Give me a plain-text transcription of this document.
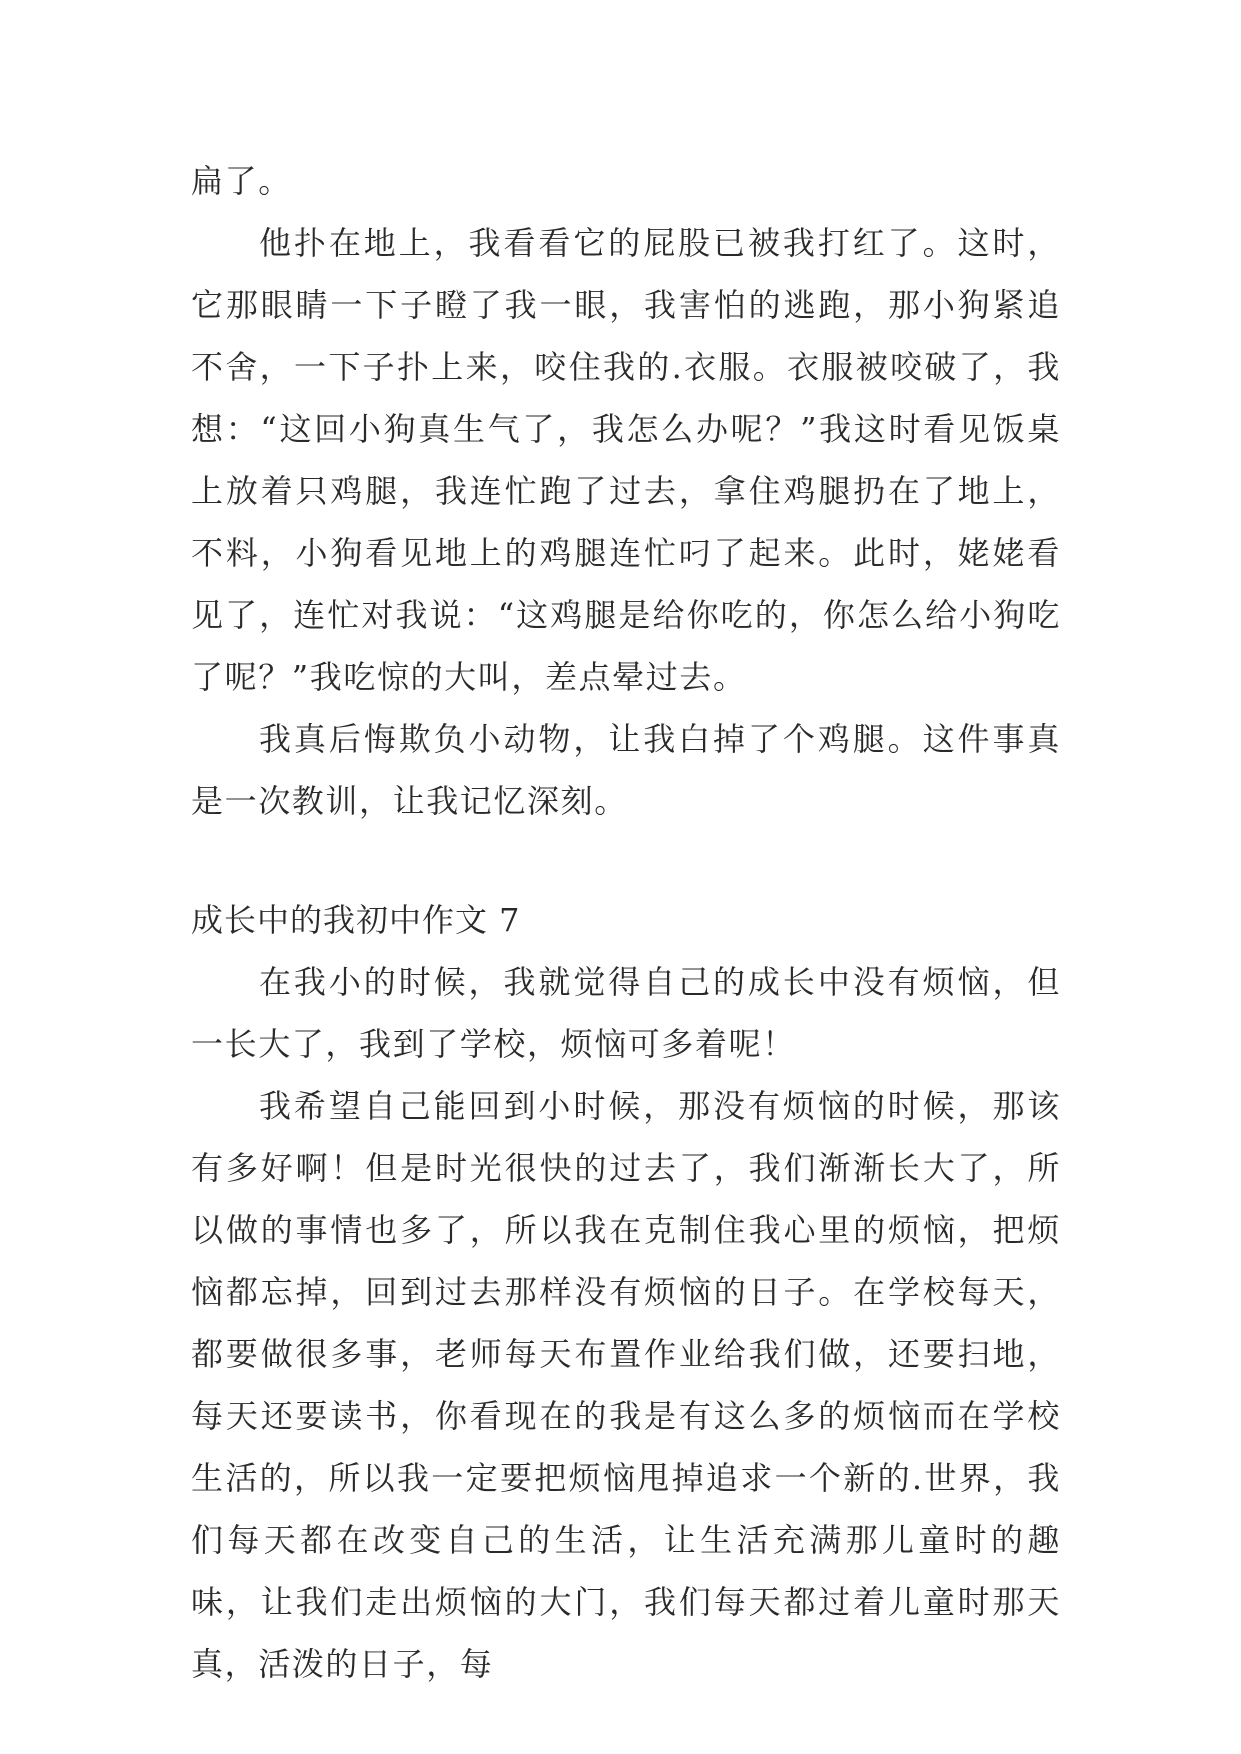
扁了。

他扑在地上，我看看它的屁股已被我打红了。这时，它那眼睛一下子瞪了我一眼，我害怕的逃跑，那小狗紧追不舍，一下子扑上来，咬住我的.衣服。衣服被咬破了，我想：“这回小狗真生气了，我怎么办呢？”我这时看见饭桌上放着只鸡腿，我连忙跑了过去，拿住鸡腿扔在了地上，不料，小狗看见地上的鸡腿连忙叼了起来。此时，姥姥看见了，连忙对我说：“这鸡腿是给你吃的，你怎么给小狗吃了呢？”我吃惊的大叫，差点晕过去。

我真后悔欺负小动物，让我白掉了个鸡腿。这件事真是一次教训，让我记忆深刻。

成长中的我初中作文 7

在我小的时候，我就觉得自己的成长中没有烦恼，但一长大了，我到了学校，烦恼可多着呢！

我希望自己能回到小时候，那没有烦恼的时候，那该有多好啊！但是时光很快的过去了，我们渐渐长大了，所以做的事情也多了，所以我在克制住我心里的烦恼，把烦恼都忘掉，回到过去那样没有烦恼的日子。在学校每天，都要做很多事，老师每天布置作业给我们做，还要扫地，每天还要读书，你看现在的我是有这么多的烦恼而在学校生活的，所以我一定要把烦恼甩掉追求一个新的.世界，我们每天都在改变自己的生活，让生活充满那儿童时的趣味，让我们走出烦恼的大门，我们每天都过着儿童时那天真，活泼的日子，每
